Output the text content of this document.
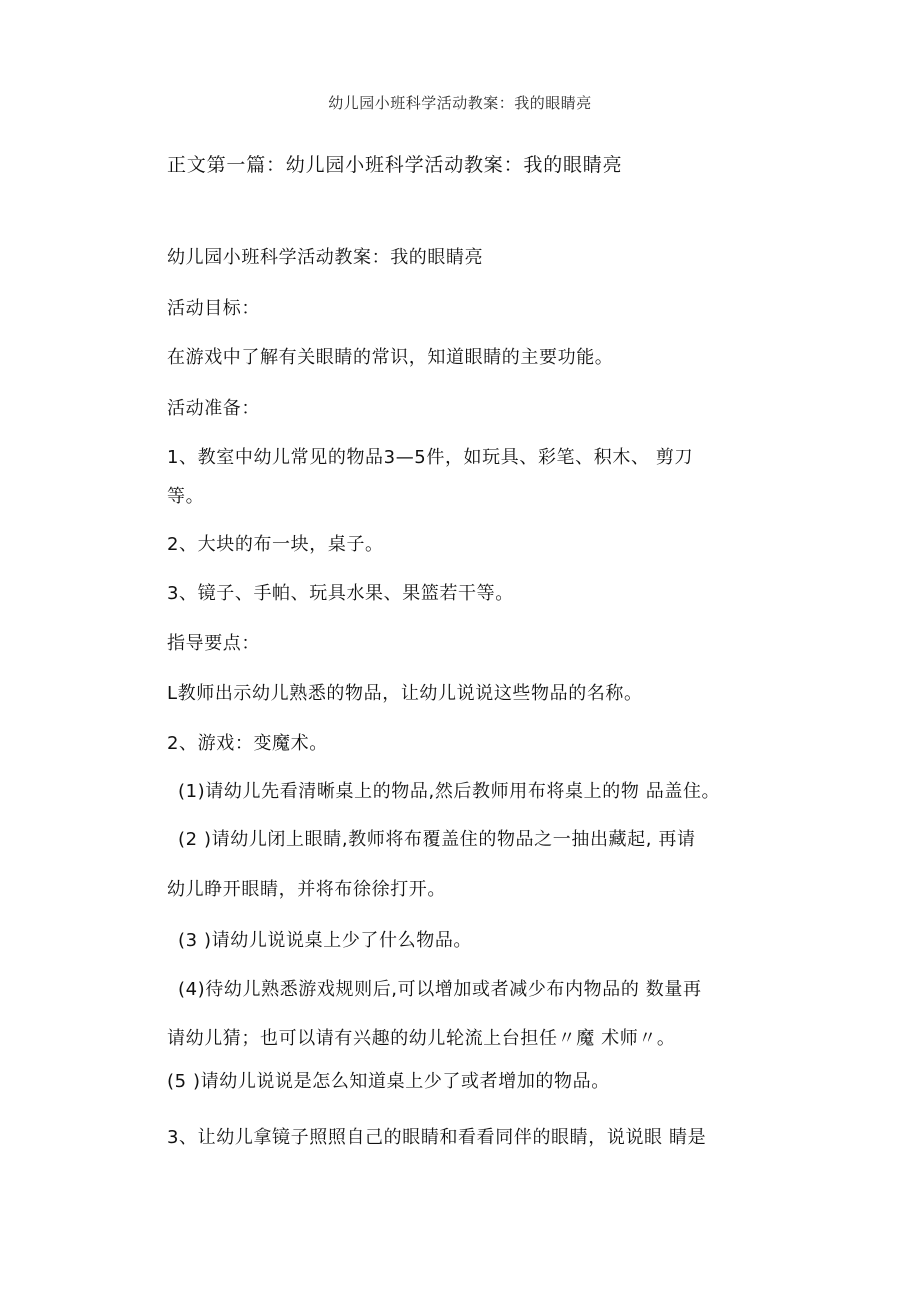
幼儿园小班科学活动教案：我的眼睛亮
正文第一篇：幼儿园小班科学活动教案：我的眼睛亮
幼儿园小班科学活动教案：我的眼睛亮
活动目标：
在游戏中了解有关眼睛的常识，知道眼睛的主要功能。
活动准备：
1、教室中幼儿常见的物品3—5件，如玩具、彩笔、积木、 剪刀
等。
2、大块的布一块，桌子。
3、镜子、手帕、玩具水果、果篮若干等。
指导要点：
L教师出示幼儿熟悉的物品，让幼儿说说这些物品的名称。
2、游戏：变魔术。
(1)请幼儿先看清晰桌上的物品,然后教师用布将桌上的物 品盖住。
(2 )请幼儿闭上眼睛,教师将布覆盖住的物品之一抽出藏起, 再请
幼儿睁开眼睛，并将布徐徐打开。
(3 )请幼儿说说桌上少了什么物品。
(4)待幼儿熟悉游戏规则后,可以增加或者减少布内物品的 数量再
请幼儿猜；也可以请有兴趣的幼儿轮流上台担任〃魔 术师〃。
(5 )请幼儿说说是怎么知道桌上少了或者增加的物品。
3、让幼儿拿镜子照照自己的眼睛和看看同伴的眼睛，说说眼 睛是
